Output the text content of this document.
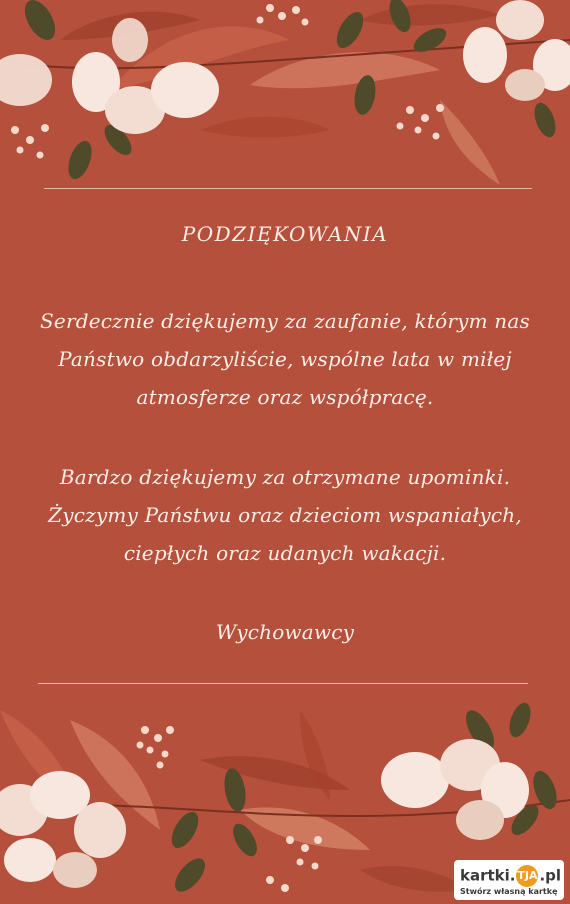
PODZIĘKOWANIA
Serdecznie dziękujemy za zaufanie, którym nas
Państwo obdarzyliście, wspólne lata w miłej
atmosferze oraz współpracę.
Bardzo dziękujemy za otrzymane upominki.
Życzymy Państwu oraz dzieciom wspaniałych,
ciepłych oraz udanych wakacji.
Wychowawcy
kartki. TJA .pl
Stwórz własną kartkę
